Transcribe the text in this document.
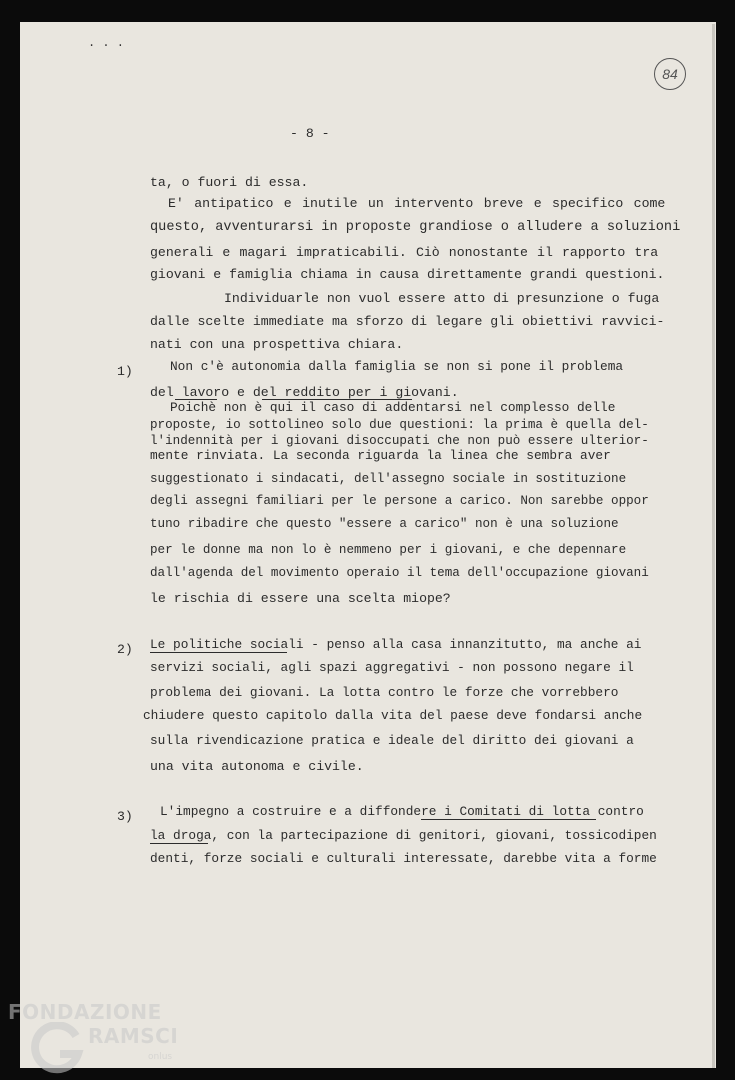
. . .
84
- 8 -
ta, o fuori di essa.
E' antipatico e inutile un intervento breve e specifico come
questo, avventurarsi in proposte grandiose o alludere a soluzioni
generali e magari impraticabili. Ciò nonostante il rapporto tra
giovani e famiglia chiama in causa direttamente grandi questioni.
Individuarle non vuol essere atto di presunzione o fuga
dalle scelte immediate ma sforzo di legare gli obiettivi ravvici-
nati con una prospettiva chiara.
1)	Non c'è autonomia dalla famiglia se non si pone il problema
del lavoro e del reddito per i giovani.
Poichè non è qui il caso di addentarsi nel complesso delle
proposte, io sottolineo solo due questioni: la prima è quella del-
l'indennità per i giovani disoccupati che non può essere ulterior-
mente rinviata. La seconda riguarda la linea che sembra aver
suggestionato i sindacati, dell'assegno sociale in sostituzione
degli assegni familiari per le persone a carico. Non sarebbe oppor
tuno ribadire che questo "essere a carico" non è una soluzione
per le donne ma non lo è nemmeno per i giovani, e che depennare
dall'agenda del movimento operaio il tema dell'occupazione giovani
le rischia di essere una scelta miope?
2) Le politiche sociali - penso alla casa innanzitutto, ma anche ai
servizi sociali, agli spazi aggregativi - non possono negare il
problema dei giovani. La lotta contro le forze che vorrebbero
chiudere questo capitolo dalla vita del paese deve fondarsi anche
sulla rivendicazione pratica e ideale del diritto dei giovani a
una vita autonoma e civile.
3) L'impegno a costruire e a diffondere i Comitati di lotta contro
la droga, con la partecipazione di genitori, giovani, tossicodipen
denti, forze sociali e culturali interessate, darebbe vita a forme
FONDAZIONE
RAMSCI
onlus
